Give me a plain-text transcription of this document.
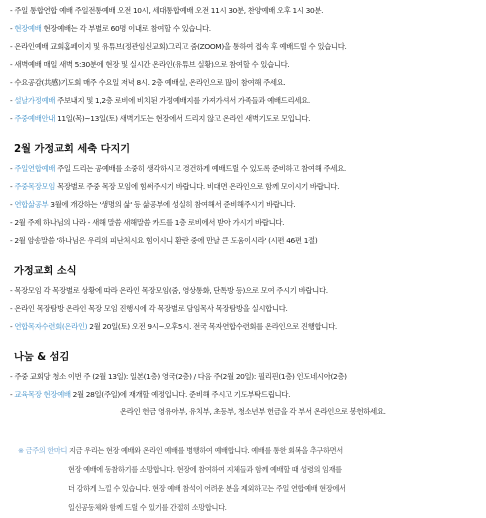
- 주일 통합연합 예배 주일전통예배 오전 10시, 세대통합예배 오전 11시 30분, 찬양예배 오후 1시 30분.
- 현장예배 현장예배는 각 부별로 60명 이내로 참여할 수 있습니다.
- 온라인예배 교회홈페이지 및 유튜브(정관임신교회)그리고 줌(ZOOM)을 통하여 접속 후 예배드릴 수 있습니다.
- 새벽예배 매일 새벽 5:30분에 현장 및 실시간 온라인(유튜브 실황)으로 참여할 수 있습니다.
- 수요공감(共感)기도회 매주 수요일 저녁 8시. 2층 예배실, 온라인으로 많이 참여해 주세요.
- 설날가정예배 주보내지 및 1,2층 로비에 비치된 가정예배지를 가져가셔서 가족들과 예배드리세요.
- 주중예배안내 11일(목)~13일(토) 새벽기도는 현장에서 드리지 않고 온라인 새벽기도로 모입니다.
2월 가정교회 세축 다지기
- 주일연합예배 주일 드리는 공예배를 소중히 생각하시고 경건하게 예배드릴 수 있도록 준비하고 참여해 주세요.
- 주중목장모임 목장별로 주중 목장 모임에 힘써주시기 바랍니다. 비대면 온라인으로 함께 모이시기 바랍니다.
- 연합삶공부 3월에 개강하는 '생명의 삶' 등 삶공부에 성실히 참여해서 준비해주시기 바랍니다.
- 2월 주제 하나님의 나라 - 새해 말씀 새해말씀 카드를 1층 로비에서 받아 가시기 바랍니다.
- 2월 암송말씀 '하나님은 우리의 피난처시요 힘이시니 환란 중에 만날 큰 도움이시라' (시편 46편 1절)
가정교회 소식
- 목장모임 각 목장별로 상황에 따라 온라인 목장모임(줌, 영상통화, 단톡방 등)으로 모여 주시기 바랍니다.
- 온라인 목장탐방 온라인 목장 모임 진행시에 각 목장별로 담임목사 목장탐방을 실시합니다.
- 연합목자수련회(온라인) 2월 20일(토) 오전 9시~오후5시. 전국 목자연합수련회를 온라인으로 진행합니다.
나눔 & 섬김
- 주중 교회당 청소 이번 주 (2월 13일): 일본(1층) 영국(2층) / 다음 주(2월 20일): 필리핀(1층) 인도네시아(2층)
- 교육목장 현장예배 2월 28일(주일)에 재개할 예정입니다. 준비해 주시고 기도부탁드립니다.
온라인 헌금 영유아부, 유치부, 초등부, 청소년부 헌금을 각 부서 온라인으로 봉헌하세요.
※ 금주의 한마디 지금 우리는 현장 예배와 온라인 예배를 병행하여 예배합니다. 예배를 통한 회복을 추구하면서
현장 예배에 동참하기를 소망합니다. 현장에 참여하여 지체들과 함께 예배할 때 성령의 임재를
더 강하게 느낄 수 있습니다. 현장 예배 참석이 어려운 분을 제외하고는 주일 연합예배 현장에서
일신공동체와 함께 드릴 수 있기를 간절히 소망합니다.
